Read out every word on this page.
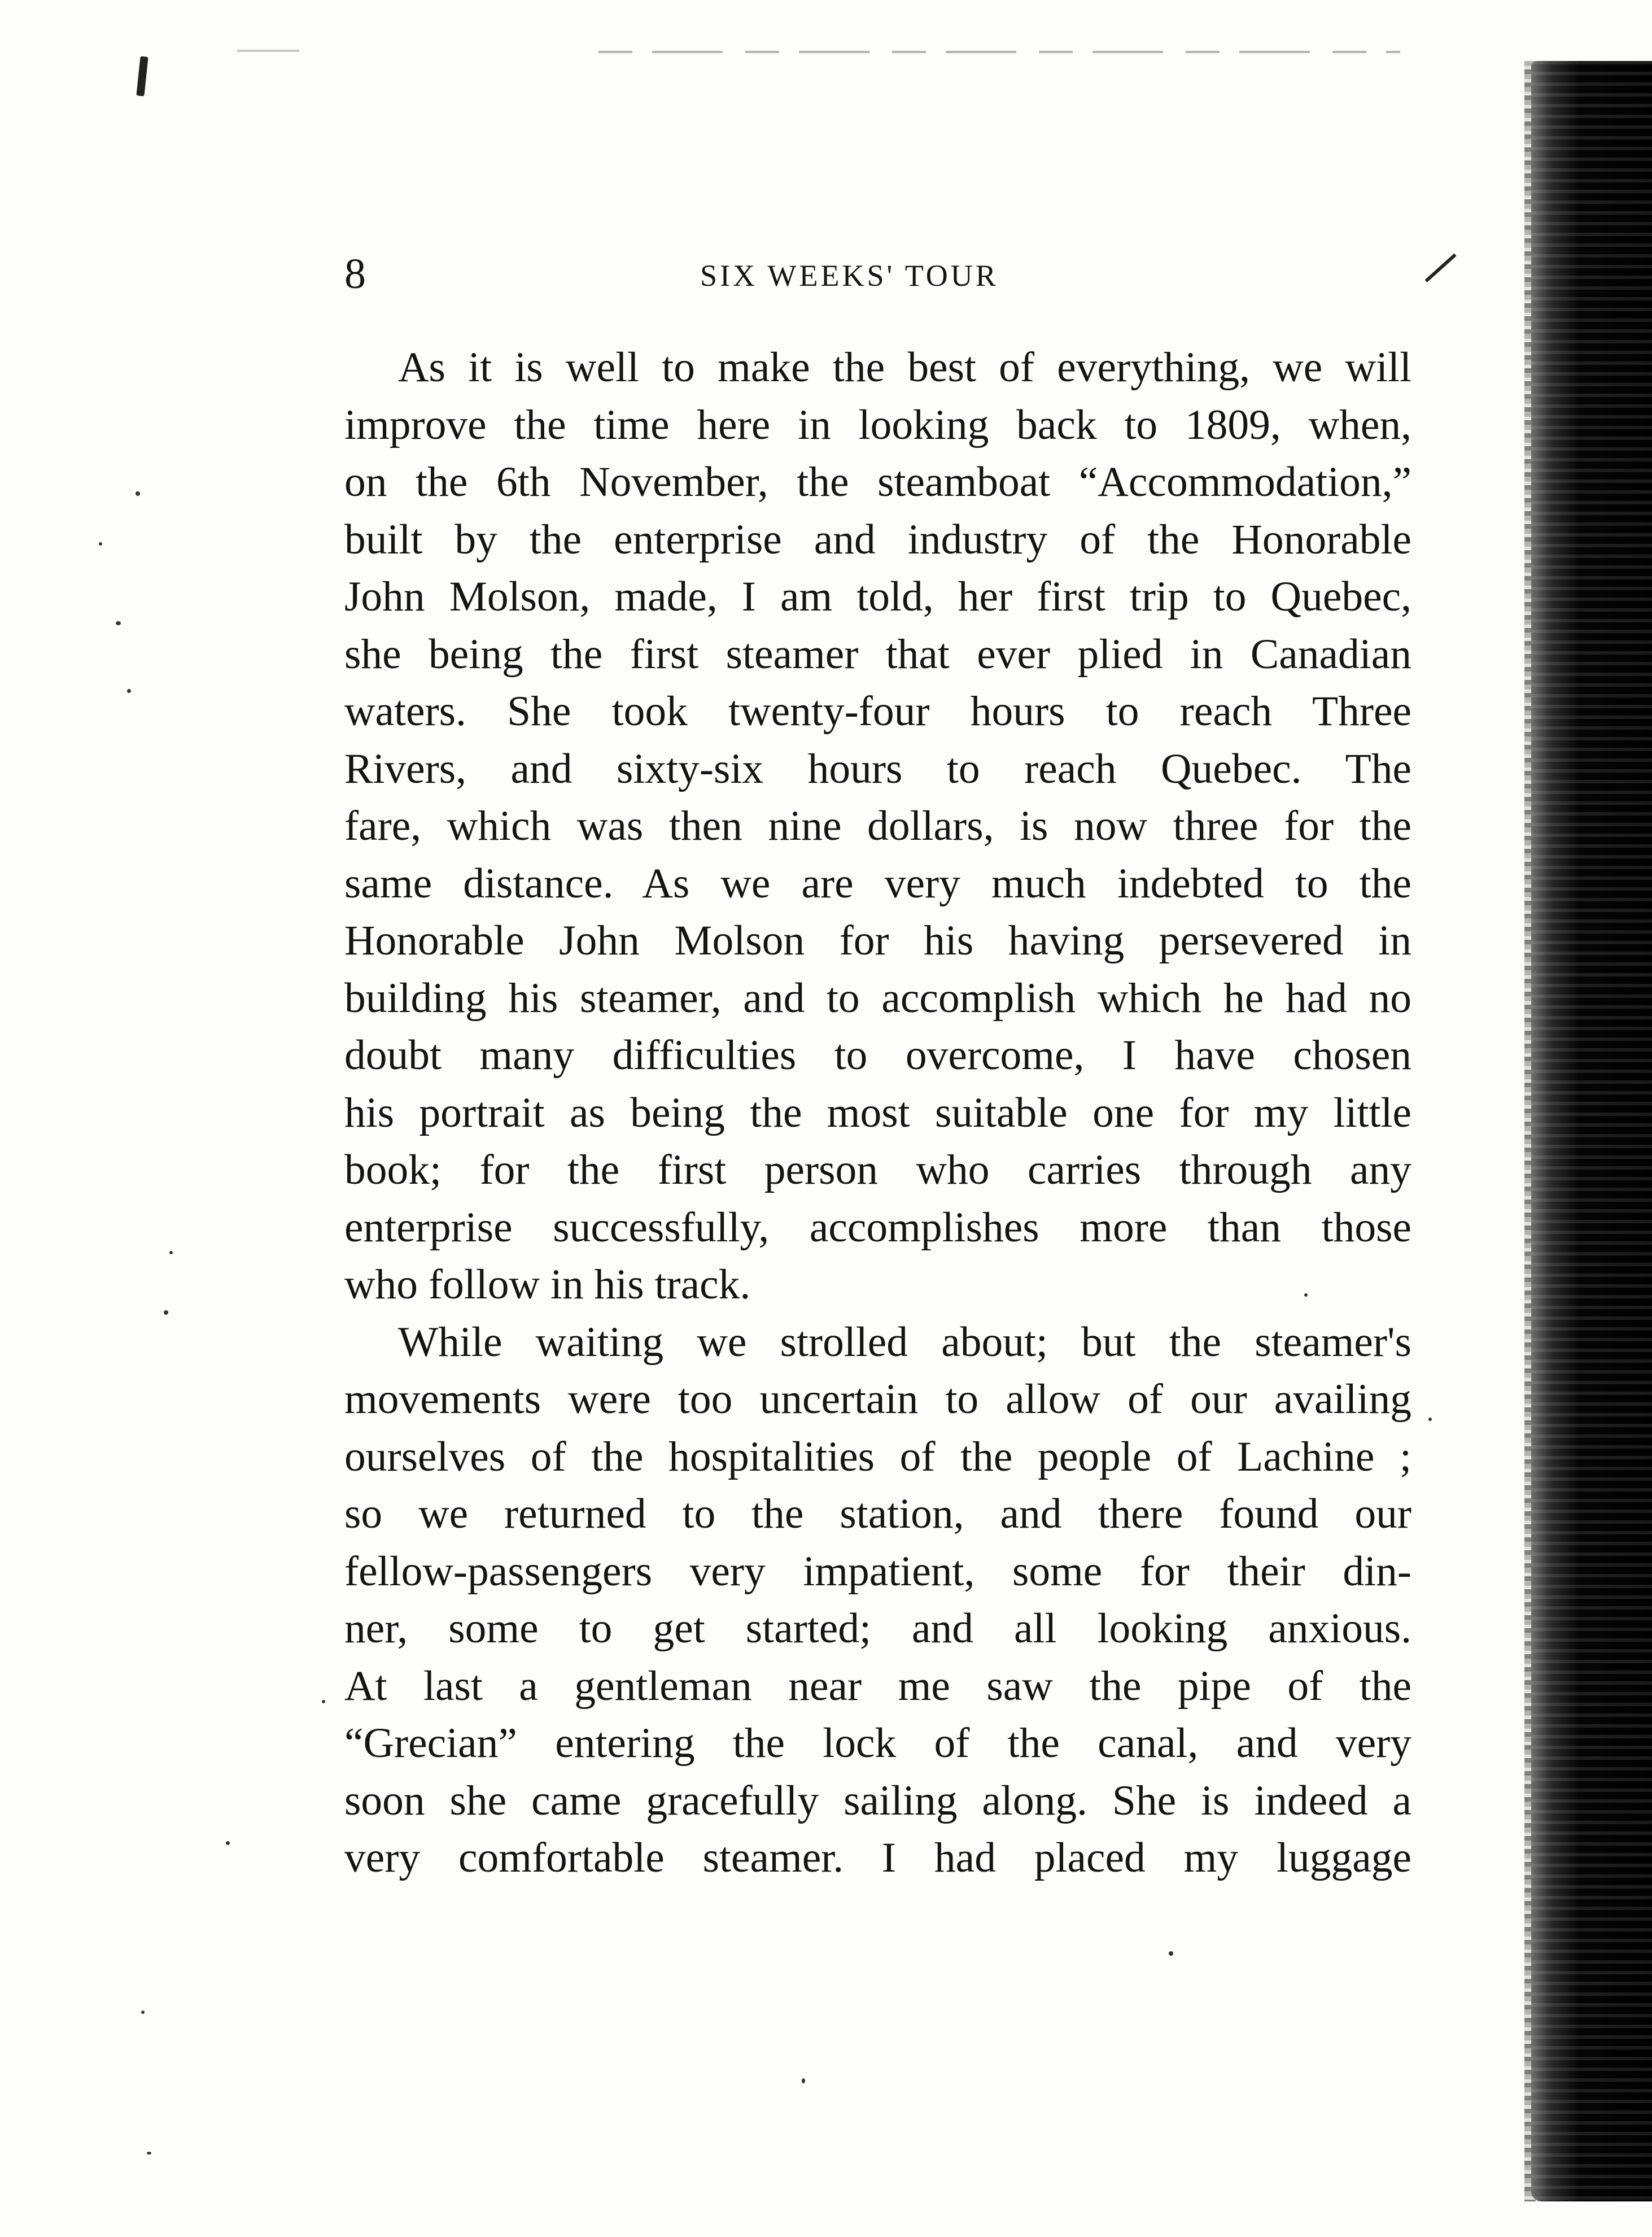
8	SIX WEEKS' TOUR
As it is well to make the best of everything, we will
improve the time here in looking back to 1809, when,
on the 6th November, the steamboat “Accommodation,”
built by the enterprise and industry of the Honorable
John Molson, made, I am told, her first trip to Quebec,
she being the first steamer that ever plied in Canadian
waters. She took twenty-four hours to reach Three
Rivers, and sixty-six hours to reach Quebec. The
fare, which was then nine dollars, is now three for the
same distance. As we are very much indebted to the
Honorable John Molson for his having persevered in
building his steamer, and to accomplish which he had no
doubt many difficulties to overcome, I have chosen
his portrait as being the most suitable one for my little
book; for the first person who carries through any
enterprise successfully, accomplishes more than those
who follow in his track.
While waiting we strolled about; but the steamer's
movements were too uncertain to allow of our availing
ourselves of the hospitalities of the people of Lachine ;
so we returned to the station, and there found our
fellow-passengers very impatient, some for their din-
ner, some to get started; and all looking anxious.
At last a gentleman near me saw the pipe of the
“Grecian” entering the lock of the canal, and very
soon she came gracefully sailing along. She is indeed a
very comfortable steamer. I had placed my luggage
